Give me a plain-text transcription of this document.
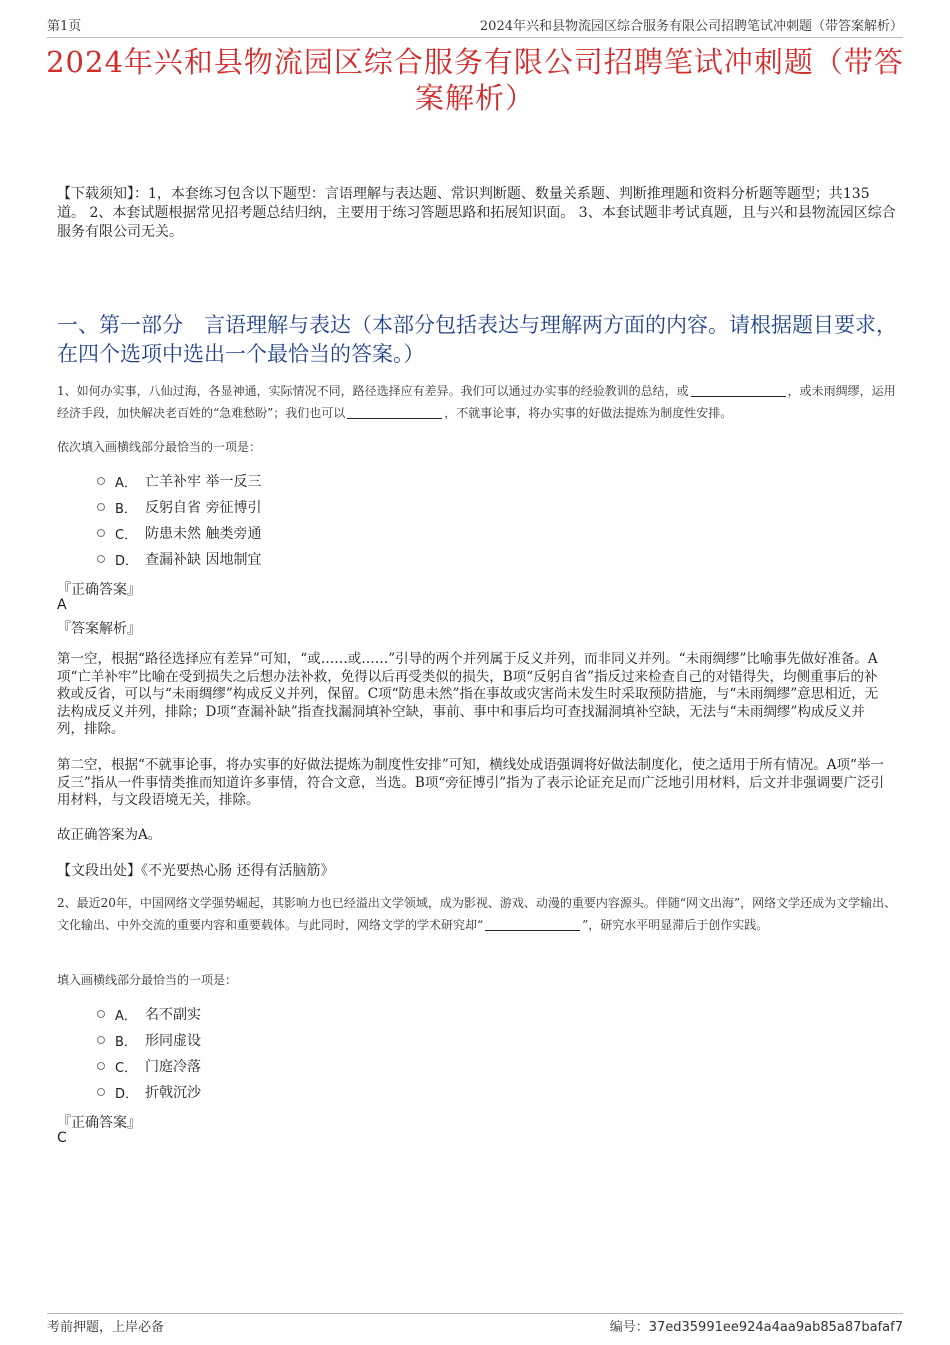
第1页	2024年兴和县物流园区综合服务有限公司招聘笔试冲刺题（带答案解析）
2024年兴和县物流园区综合服务有限公司招聘笔试冲刺题（带答案解析）
【下载须知】：1，本套练习包含以下题型：言语理解与表达题、常识判断题、数量关系题、判断推理题和资料分析题等题型；共135道。 2、本套试题根据常见招考题总结归纳，主要用于练习答题思路和拓展知识面。 3、本套试题非考试真题，且与兴和县物流园区综合服务有限公司无关。
一、第一部分　言语理解与表达（本部分包括表达与理解两方面的内容。请根据题目要求，在四个选项中选出一个最恰当的答案。）
1、如何办实事，八仙过海，各显神通，实际情况不同，路径选择应有差异。我们可以通过办实事的经验教训的总结，或	，或未雨绸缪，运用经济手段，加快解决老百姓的“急难愁盼”；我们也可以	，不就事论事，将办实事的好做法提炼为制度性安排。
依次填入画横线部分最恰当的一项是：
A． 亡羊补牢 举一反三
B． 反躬自省 旁征博引
C． 防患未然 触类旁通
D． 查漏补缺 因地制宜
『正确答案』
A
『答案解析』

第一空，根据“路径选择应有差异”可知，“或……或……”引导的两个并列属于反义并列，而非同义并列。“未雨绸缪”比喻事先做好准备。A项“亡羊补牢”比喻在受到损失之后想办法补救，免得以后再受类似的损失，B项“反躬自省”指反过来检查自己的对错得失，均侧重事后的补救或反省，可以与“未雨绸缪”构成反义并列，保留。C项“防患未然”指在事故或灾害尚未发生时采取预防措施，与“未雨绸缪”意思相近，无法构成反义并列，排除；D项“查漏补缺”指查找漏洞填补空缺，事前、事中和事后均可查找漏洞填补空缺，无法与“未雨绸缪”构成反义并列，排除。

第二空，根据“不就事论事，将办实事的好做法提炼为制度性安排”可知，横线处成语强调将好做法制度化，使之适用于所有情况。A项“举一反三”指从一件事情类推而知道许多事情，符合文意，当选。B项“旁征博引”指为了表示论证充足而广泛地引用材料，后文并非强调要广泛引用材料，与文段语境无关，排除。

故正确答案为A。

【文段出处】《不光要热心肠 还得有活脑筋》
2、最近20年，中国网络文学强势崛起，其影响力也已经溢出文学领域，成为影视、游戏、动漫的重要内容源头。伴随“网文出海”，网络文学还成为文学输出、文化输出、中外交流的重要内容和重要载体。与此同时，网络文学的学术研究却“	”，研究水平明显滞后于创作实践。
填入画横线部分最恰当的一项是：
A． 名不副实
B． 形同虚设
C． 门庭冷落
D． 折戟沉沙
『正确答案』
C
考前押题，上岸必备	编号：37ed35991ee924a4aa9ab85a87bafaf7
